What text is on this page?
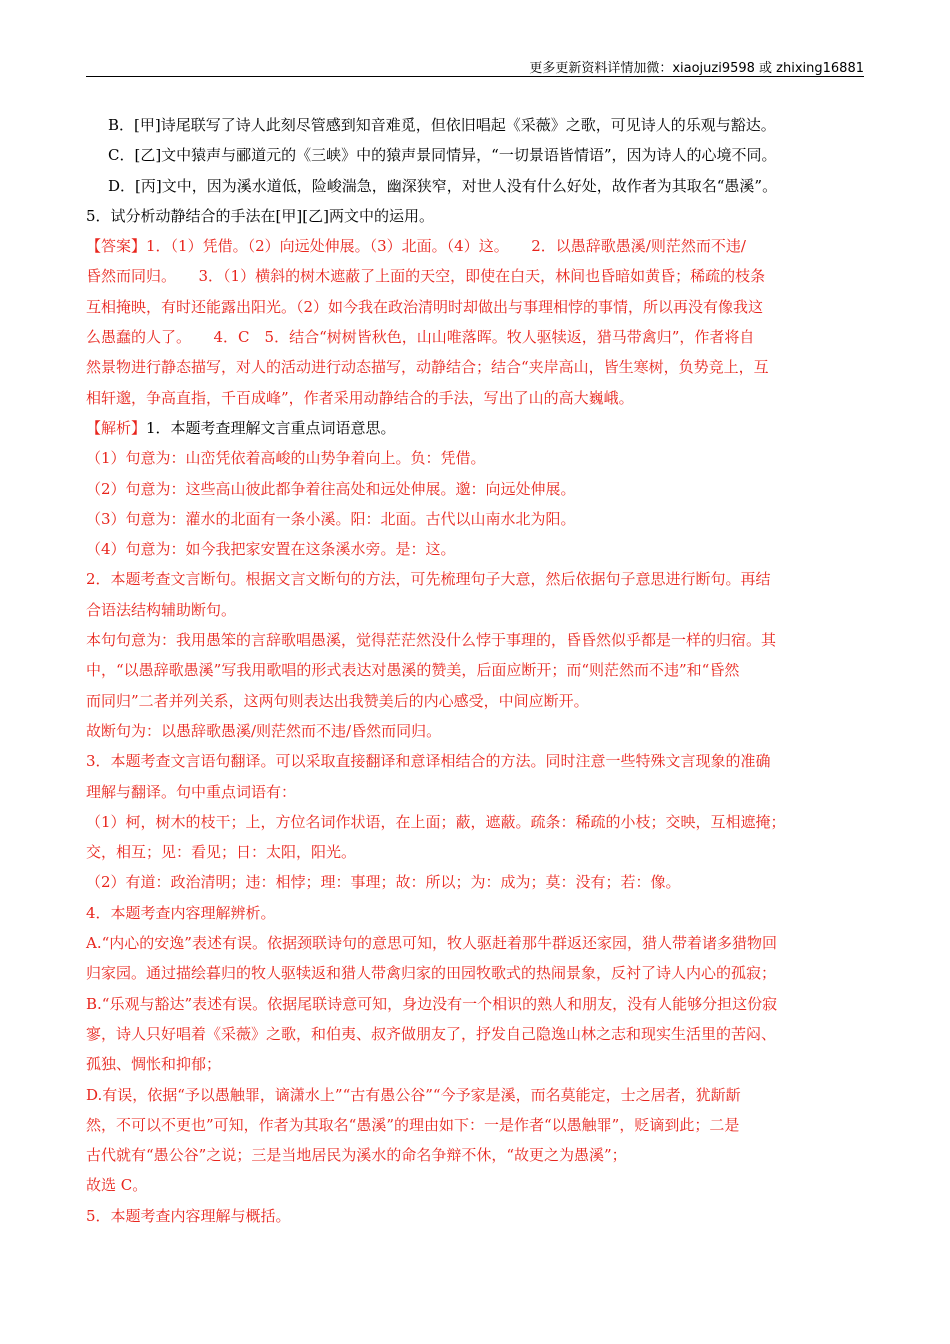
更多更新资料详情加微：xiaojuzi9598 或 zhixing16881
B．[甲]诗尾联写了诗人此刻尽管感到知音难觅，但依旧唱起《采薇》之歌，可见诗人的乐观与豁达。
C．[乙]文中猿声与郦道元的《三峡》中的猿声景同情异，“一切景语皆情语”，因为诗人的心境不同。
D．[丙]文中，因为溪水道低，险峻湍急，幽深狭窄，对世人没有什么好处，故作者为其取名“愚溪”。
5．试分析动静结合的手法在[甲][乙]两文中的运用。
【答案】1．（1）凭借。（2）向远处伸展。（3）北面。（4）这。　　2．以愚辞歌愚溪/则茫然而不违/
昏然而同归。　　3．（1）横斜的树木遮蔽了上面的天空，即使在白天，林间也昏暗如黄昏；稀疏的枝条
互相掩映，有时还能露出阳光。（2）如今我在政治清明时却做出与事理相悖的事情，所以再没有像我这
么愚蠢的人了。　　4．C　5．结合“树树皆秋色，山山唯落晖。牧人驱犊返，猎马带禽归”，作者将自
然景物进行静态描写，对人的活动进行动态描写，动静结合；结合“夹岸高山，皆生寒树，负势竞上，互
相轩邈，争高直指，千百成峰”，作者采用动静结合的手法，写出了山的高大巍峨。
【解析】1．本题考查理解文言重点词语意思。
（1）句意为：山峦凭依着高峻的山势争着向上。负：凭借。
（2）句意为：这些高山彼此都争着往高处和远处伸展。邈：向远处伸展。
（3）句意为：灌水的北面有一条小溪。阳：北面。古代以山南水北为阳。
（4）句意为：如今我把家安置在这条溪水旁。是：这。
2．本题考查文言断句。根据文言文断句的方法，可先梳理句子大意，然后依据句子意思进行断句。再结
合语法结构辅助断句。
本句句意为：我用愚笨的言辞歌唱愚溪，觉得茫茫然没什么悖于事理的，昏昏然似乎都是一样的归宿。其
中，“以愚辞歌愚溪”写我用歌唱的形式表达对愚溪的赞美，后面应断开；而“则茫然而不违”和“昏然
而同归”二者并列关系，这两句则表达出我赞美后的内心感受，中间应断开。
故断句为：以愚辞歌愚溪/则茫然而不违/昏然而同归。
3．本题考查文言语句翻译。可以采取直接翻译和意译相结合的方法。同时注意一些特殊文言现象的准确
理解与翻译。句中重点词语有：
（1）柯，树木的枝干；上，方位名词作状语，在上面；蔽，遮蔽。疏条：稀疏的小枝；交映，互相遮掩；
交，相互；见：看见；日：太阳，阳光。
（2）有道：政治清明；违：相悖；理：事理；故：所以；为：成为；莫：没有；若：像。
4．本题考查内容理解辨析。
A.“内心的安逸”表述有误。依据颈联诗句的意思可知，牧人驱赶着那牛群返还家园，猎人带着诸多猎物回
归家园。通过描绘暮归的牧人驱犊返和猎人带禽归家的田园牧歌式的热闹景象，反衬了诗人内心的孤寂；
B.“乐观与豁达”表述有误。依据尾联诗意可知，身边没有一个相识的熟人和朋友，没有人能够分担这份寂
寥，诗人只好唱着《采薇》之歌，和伯夷、叔齐做朋友了，抒发自己隐逸山林之志和现实生活里的苦闷、
孤独、惆怅和抑郁；
D.有误，依据“予以愚触罪，谪潇水上”“古有愚公谷”“今予家是溪，而名莫能定，士之居者，犹龂龂
然，不可以不更也”可知，作者为其取名“愚溪”的理由如下：一是作者“以愚触罪”，贬谪到此；二是
古代就有“愚公谷”之说；三是当地居民为溪水的命名争辩不休，“故更之为愚溪”；
故选 C。
5．本题考查内容理解与概括。
